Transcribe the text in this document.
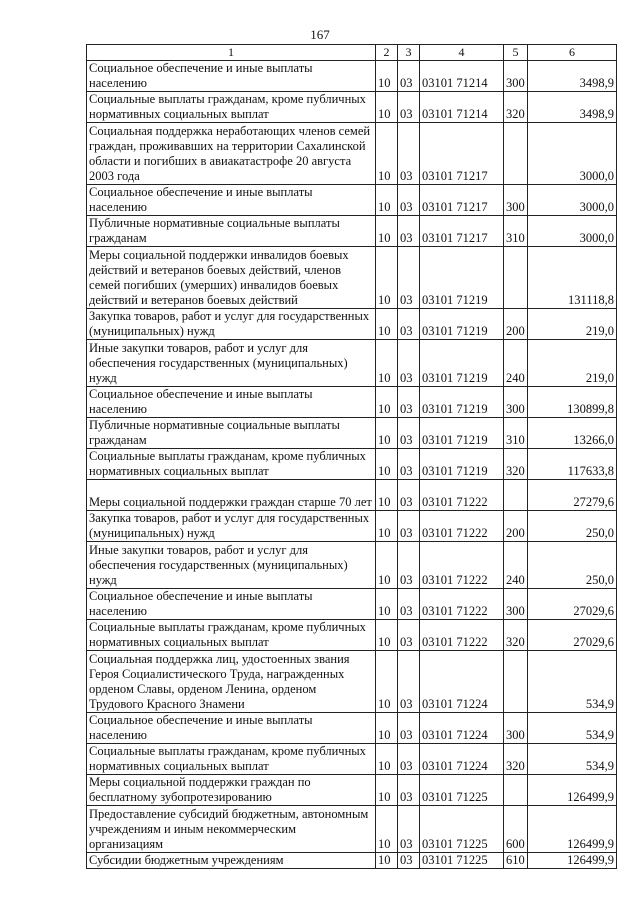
167
1	2	3	4	5	6
Социальное обеспечение и иные выплаты населению	10	03	03101 71214	300	3498,9
Социальные выплаты гражданам, кроме публичных нормативных социальных выплат	10	03	03101 71214	320	3498,9
Социальная поддержка неработающих членов семей граждан, проживавших на территории Сахалинской области и погибших в авиакатастрофе 20 августа 2003 года	10	03	03101 71217		3000,0
Социальное обеспечение и иные выплаты населению	10	03	03101 71217	300	3000,0
Публичные нормативные социальные выплаты гражданам	10	03	03101 71217	310	3000,0
Меры социальной поддержки инвалидов боевых действий и ветеранов боевых действий, членов семей погибших (умерших) инвалидов боевых действий и ветеранов боевых действий	10	03	03101 71219		131118,8
Закупка товаров, работ и услуг для государственных (муниципальных) нужд	10	03	03101 71219	200	219,0
Иные закупки товаров, работ и услуг для обеспечения государственных (муниципальных) нужд	10	03	03101 71219	240	219,0
Социальное обеспечение и иные выплаты населению	10	03	03101 71219	300	130899,8
Публичные нормативные социальные выплаты гражданам	10	03	03101 71219	310	13266,0
Социальные выплаты гражданам, кроме публичных нормативных социальных выплат	10	03	03101 71219	320	117633,8
Меры социальной поддержки граждан старше 70 лет	10	03	03101 71222		27279,6
Закупка товаров, работ и услуг для государственных (муниципальных) нужд	10	03	03101 71222	200	250,0
Иные закупки товаров, работ и услуг для обеспечения государственных (муниципальных) нужд	10	03	03101 71222	240	250,0
Социальное обеспечение и иные выплаты населению	10	03	03101 71222	300	27029,6
Социальные выплаты гражданам, кроме публичных нормативных социальных выплат	10	03	03101 71222	320	27029,6
Социальная поддержка лиц, удостоенных звания Героя Социалистического Труда, награжденных орденом Славы, орденом Ленина, орденом Трудового Красного Знамени	10	03	03101 71224		534,9
Социальное обеспечение и иные выплаты населению	10	03	03101 71224	300	534,9
Социальные выплаты гражданам, кроме публичных нормативных социальных выплат	10	03	03101 71224	320	534,9
Меры социальной поддержки граждан по бесплатному зубопротезированию	10	03	03101 71225		126499,9
Предоставление субсидий бюджетным, автономным учреждениям и иным некоммерческим организациям	10	03	03101 71225	600	126499,9
Субсидии бюджетным учреждениям	10	03	03101 71225	610	126499,9
